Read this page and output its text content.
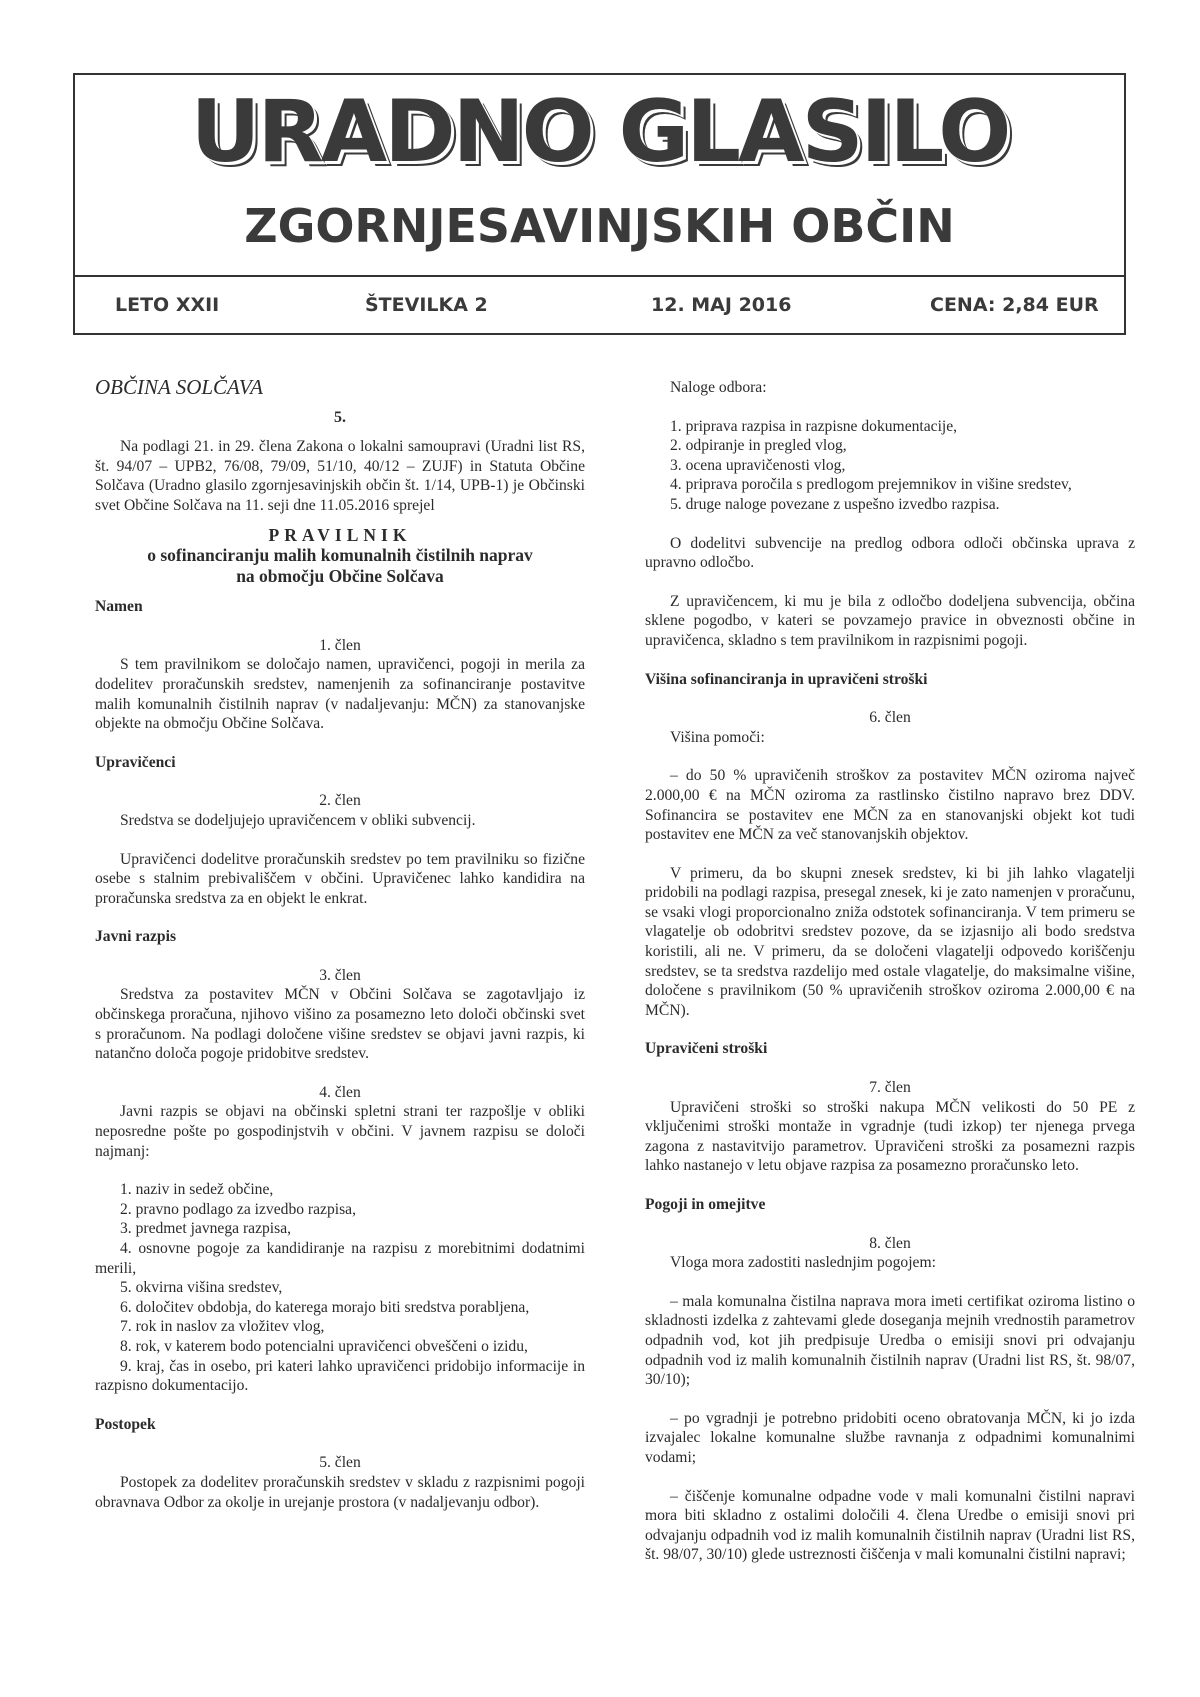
URADNO GLASILO
ZGORNJESAVINJSKIH OBČIN
LETO XXII	ŠTEVILKA 2	12. MAJ 2016	CENA: 2,84 EUR

OBČINA SOLČAVA

5.

Na podlagi 21. in 29. člena Zakona o lokalni samoupravi (Uradni list RS, št. 94/07 – UPB2, 76/08, 79/09, 51/10, 40/12 – ZUJF) in Statuta Občine Solčava (Uradno glasilo zgornjesavinjskih občin št. 1/14, UPB-1) je Občinski svet Občine Solčava na 11. seji dne 11.05.2016 sprejel

PRAVILNIK

o sofinanciranju malih komunalnih čistilnih naprav

na območju Občine Solčava

Namen

1. člen

S tem pravilnikom se določajo namen, upravičenci, pogoji in merila za dodelitev proračunskih sredstev, namenjenih za sofinanciranje postavitve malih komunalnih čistilnih naprav (v nadaljevanju: MČN) za stanovanjske objekte na območju Občine Solčava.

Upravičenci

2. člen

Sredstva se dodeljujejo upravičencem v obliki subvencij.

Upravičenci dodelitve proračunskih sredstev po tem pravilniku so fizične osebe s stalnim prebivališčem v občini. Upravičenec lahko kandidira na proračunska sredstva za en objekt le enkrat.

Javni razpis

3. člen

Sredstva za postavitev MČN v Občini Solčava se zagotavljajo iz občinskega proračuna, njihovo višino za posamezno leto določi občinski svet s proračunom. Na podlagi določene višine sredstev se objavi javni razpis, ki natančno določa pogoje pridobitve sredstev.

4. člen

Javni razpis se objavi na občinski spletni strani ter razpošlje v obliki neposredne pošte po gospodinjstvih v občini. V javnem razpisu se določi najmanj:

1. naziv in sedež občine,

2. pravno podlago za izvedbo razpisa,

3. predmet javnega razpisa,

4. osnovne pogoje za kandidiranje na razpisu z morebitnimi dodatnimi merili,

5. okvirna višina sredstev,

6. določitev obdobja, do katerega morajo biti sredstva porabljena,

7. rok in naslov za vložitev vlog,

8. rok, v katerem bodo potencialni upravičenci obveščeni o izidu,

9. kraj, čas in osebo, pri kateri lahko upravičenci pridobijo informacije in razpisno dokumentacijo.

Postopek

5. člen

Postopek za dodelitev proračunskih sredstev v skladu z razpisnimi pogoji obravnava Odbor za okolje in urejanje prostora (v nadaljevanju odbor).

Naloge odbora:

1. priprava razpisa in razpisne dokumentacije,

2. odpiranje in pregled vlog,

3. ocena upravičenosti vlog,

4. priprava poročila s predlogom prejemnikov in višine sredstev,

5. druge naloge povezane z uspešno izvedbo razpisa.

O dodelitvi subvencije na predlog odbora odloči občinska uprava z upravno odločbo.

Z upravičencem, ki mu je bila z odločbo dodeljena subvencija, občina sklene pogodbo, v kateri se povzamejo pravice in obveznosti občine in upravičenca, skladno s tem pravilnikom in razpisnimi pogoji.

Višina sofinanciranja in upravičeni stroški

6. člen

Višina pomoči:

– do 50 % upravičenih stroškov za postavitev MČN oziroma največ 2.000,00 € na MČN oziroma za rastlinsko čistilno napravo brez DDV. Sofinancira se postavitev ene MČN za en stanovanjski objekt kot tudi postavitev ene MČN za več stanovanjskih objektov.

V primeru, da bo skupni znesek sredstev, ki bi jih lahko vlagatelji pridobili na podlagi razpisa, presegal znesek, ki je zato namenjen v proračunu, se vsaki vlogi proporcionalno zniža odstotek sofinanciranja. V tem primeru se vlagatelje ob odobritvi sredstev pozove, da se izjasnijo ali bodo sredstva koristili, ali ne. V primeru, da se določeni vlagatelji odpovedo koriščenju sredstev, se ta sredstva razdelijo med ostale vlagatelje, do maksimalne višine, določene s pravilnikom (50 % upravičenih stroškov oziroma 2.000,00 € na MČN).

Upravičeni stroški

7. člen

Upravičeni stroški so stroški nakupa MČN velikosti do 50 PE z vključenimi stroški montaže in vgradnje (tudi izkop) ter njenega prvega zagona z nastavitvijo parametrov. Upravičeni stroški za posamezni razpis lahko nastanejo v letu objave razpisa za posamezno proračunsko leto.

Pogoji in omejitve

8. člen

Vloga mora zadostiti naslednjim pogojem:

– mala komunalna čistilna naprava mora imeti certifikat oziroma listino o skladnosti izdelka z zahtevami glede doseganja mejnih vrednostih parametrov odpadnih vod, kot jih predpisuje Uredba o emisiji snovi pri odvajanju odpadnih vod iz malih komunalnih čistilnih naprav (Uradni list RS, št. 98/07, 30/10);

– po vgradnji je potrebno pridobiti oceno obratovanja MČN, ki jo izda izvajalec lokalne komunalne službe ravnanja z odpadnimi komunalnimi vodami;

– čiščenje komunalne odpadne vode v mali komunalni čistilni napravi mora biti skladno z ostalimi določili 4. člena Uredbe o emisiji snovi pri odvajanju odpadnih vod iz malih komunalnih čistilnih naprav (Uradni list RS, št. 98/07, 30/10) glede ustreznosti čiščenja v mali komunalni čistilni napravi;
